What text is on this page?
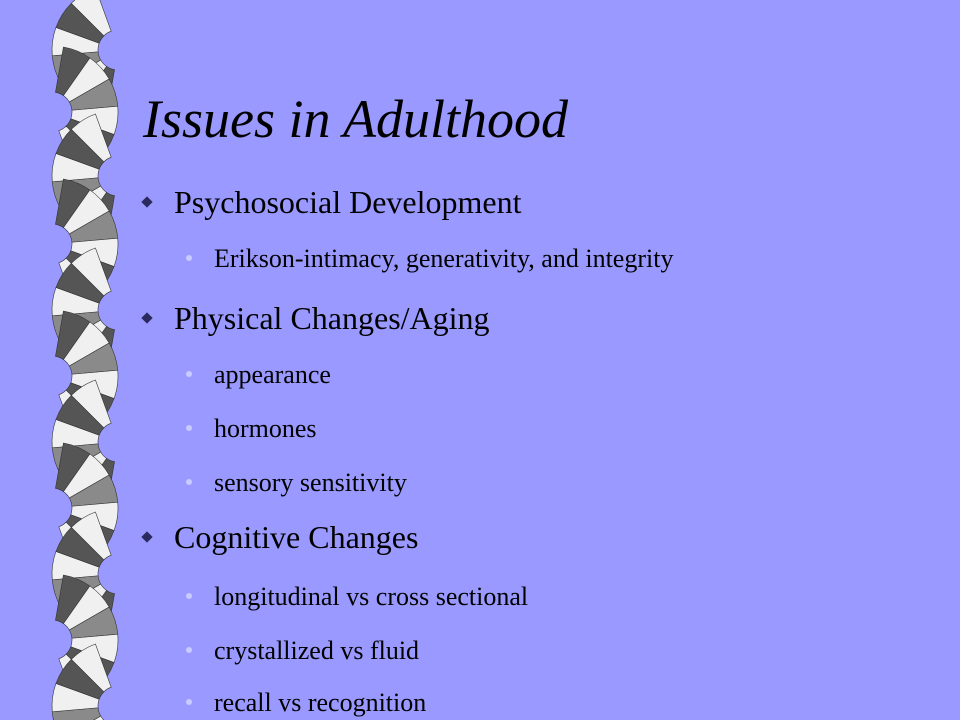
Issues in Adulthood
Psychosocial Development
Erikson-intimacy, generativity, and integrity
Physical Changes/Aging
appearance
hormones
sensory sensitivity
Cognitive Changes
longitudinal vs cross sectional
crystallized vs fluid
recall vs recognition
